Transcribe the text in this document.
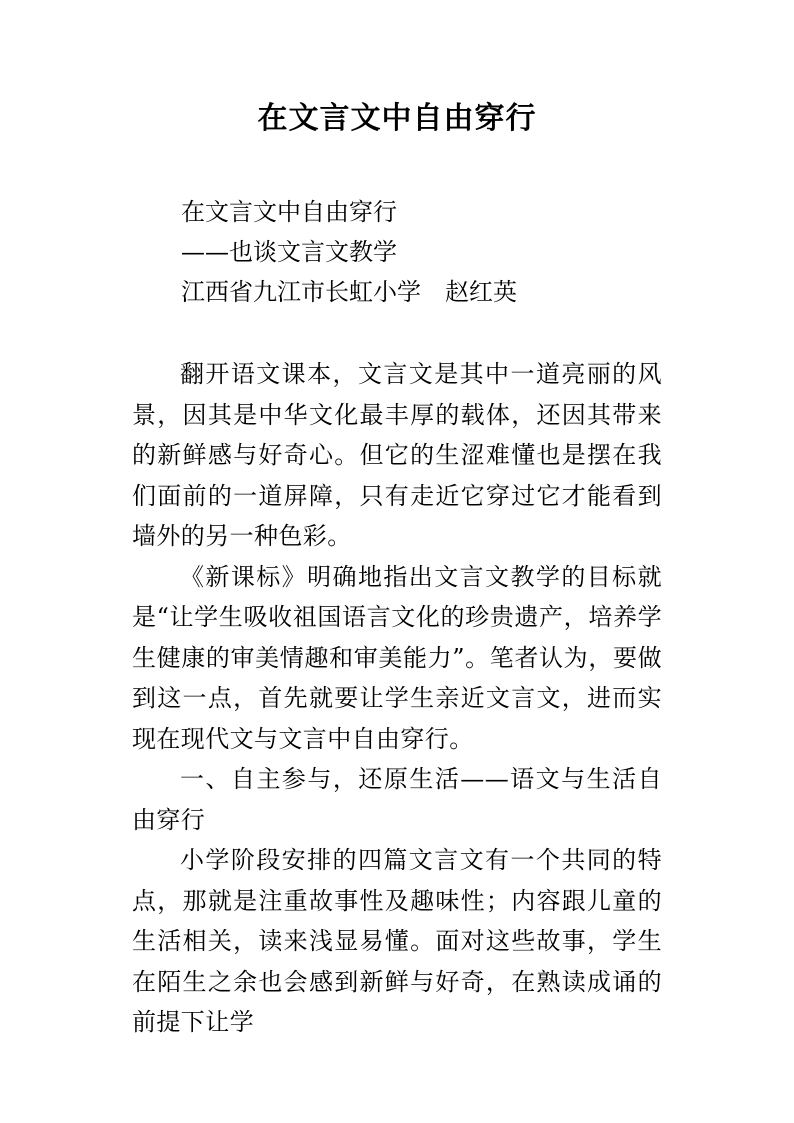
在文言文中自由穿行
在文言文中自由穿行
——也谈文言文教学
江西省九江市长虹小学　赵红英

翻开语文课本，文言文是其中一道亮丽的风景，因其是中华文化最丰厚的载体，还因其带来的新鲜感与好奇心。但它的生涩难懂也是摆在我们面前的一道屏障，只有走近它穿过它才能看到墙外的另一种色彩。

《新课标》明确地指出文言文教学的目标就是“让学生吸收祖国语言文化的珍贵遗产，培养学生健康的审美情趣和审美能力”。笔者认为，要做到这一点，首先就要让学生亲近文言文，进而实现在现代文与文言中自由穿行。

一、自主参与，还原生活——语文与生活自由穿行

小学阶段安排的四篇文言文有一个共同的特点，那就是注重故事性及趣味性；内容跟儿童的生活相关，读来浅显易懂。面对这些故事，学生在陌生之余也会感到新鲜与好奇，在熟读成诵的前提下让学
